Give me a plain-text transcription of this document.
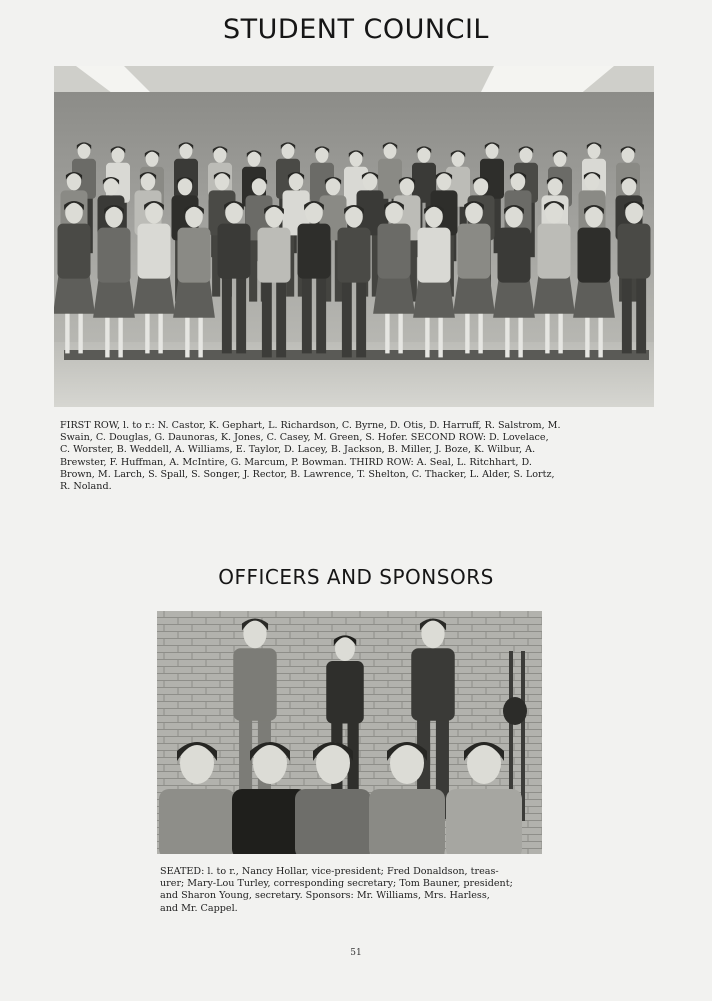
STUDENT COUNCIL
FIRST ROW, l. to r.: N. Castor, K. Gephart, L. Richardson, C. Byrne, D. Otis, D. Harruff, R. Salstrom, M.
Swain, C. Douglas, G. Daunoras, K. Jones, C. Casey, M. Green, S. Hofer. SECOND ROW: D. Lovelace,
C. Worster, B. Weddell, A. Williams, E. Taylor, D. Lacey, B. Jackson, B. Miller, J. Boze, K. Wilbur, A.
Brewster, F. Huffman, A. McIntire, G. Marcum, P. Bowman. THIRD ROW: A. Seal, L. Ritchhart, D.
Brown, M. Larch, S. Spall, S. Songer, J. Rector, B. Lawrence, T. Shelton, C. Thacker, L. Alder, S. Lortz,
R. Noland.
OFFICERS AND SPONSORS
SEATED: l. to r., Nancy Hollar, vice-president; Fred Donaldson, treas-
urer; Mary-Lou Turley, corresponding secretary; Tom Bauner, president;
and Sharon Young, secretary. Sponsors: Mr. Williams, Mrs. Harless,
and Mr. Cappel.
51
